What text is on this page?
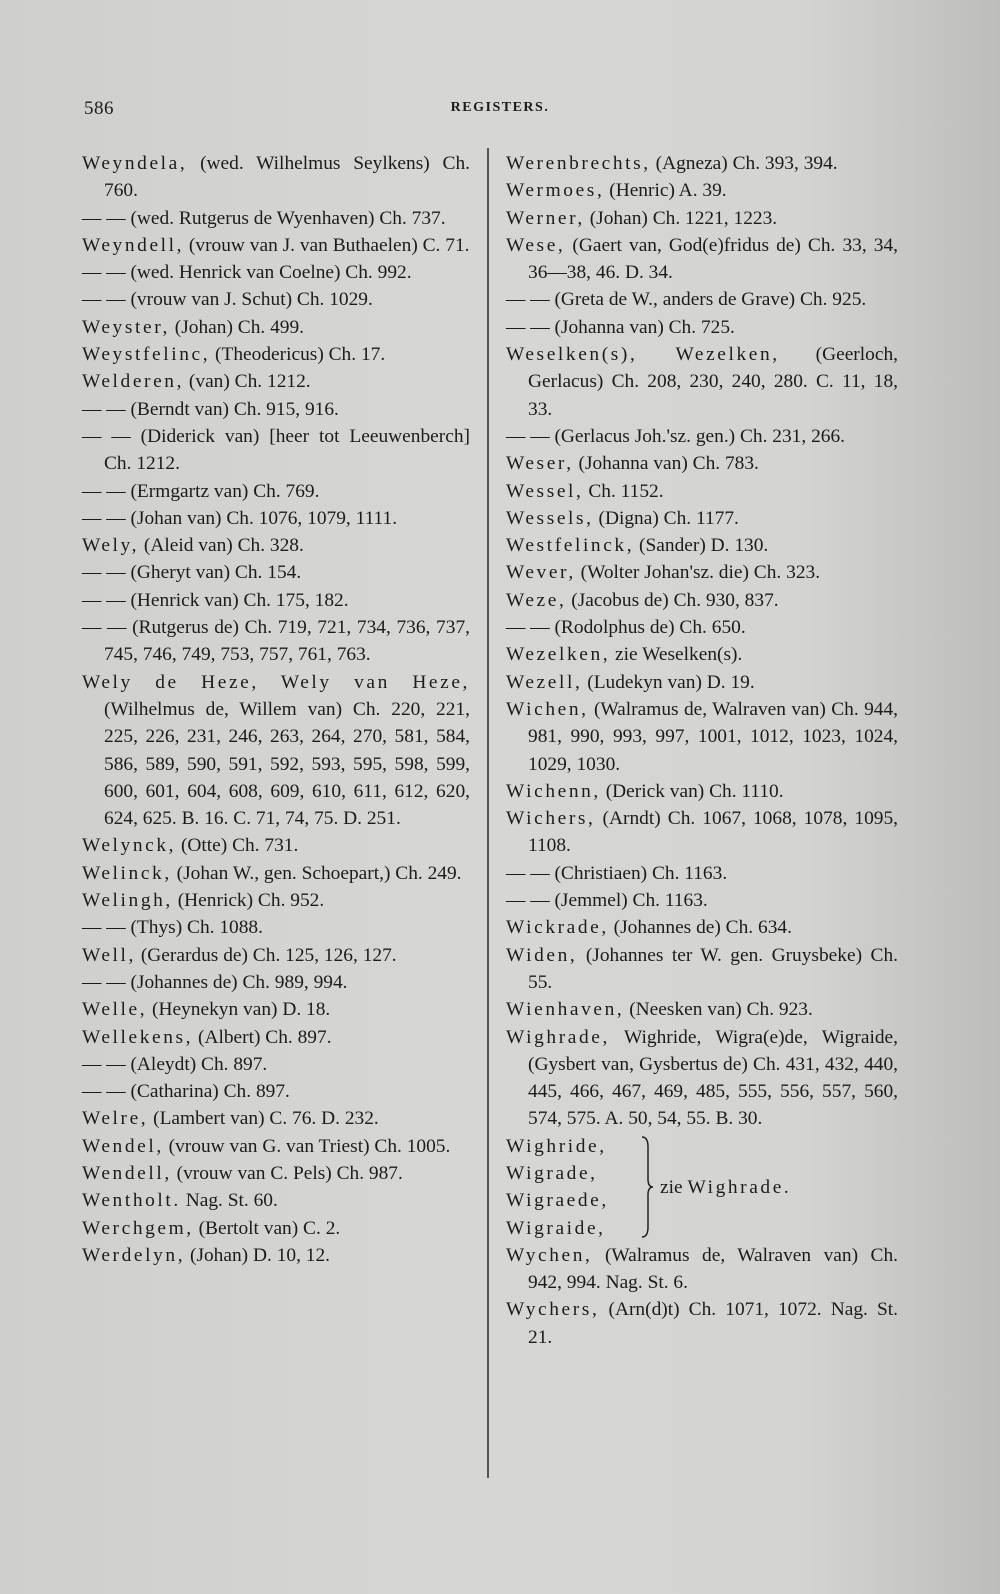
586	REGISTERS.
Weyndela, (wed. Wilhelmus Seylkens) Ch. 760.
— — (wed. Rutgerus de Wyenhaven) Ch. 737.
Weyndell, (vrouw van J. van Buthaelen) C. 71.
— — (wed. Henrick van Coelne) Ch. 992.
— — (vrouw van J. Schut) Ch. 1029.
Weyster, (Johan) Ch. 499.
Weystfelinc, (Theodericus) Ch. 17.
Welderen, (van) Ch. 1212.
— — (Berndt van) Ch. 915, 916.
— — (Diderick van) [heer tot Leeuwenberch] Ch. 1212.
— — (Ermgartz van) Ch. 769.
— — (Johan van) Ch. 1076, 1079, 1111.
Wely, (Aleid van) Ch. 328.
— — (Gheryt van) Ch. 154.
— — (Henrick van) Ch. 175, 182.
— — (Rutgerus de) Ch. 719, 721, 734, 736, 737, 745, 746, 749, 753, 757, 761, 763.
Wely de Heze, Wely van Heze, (Wilhelmus de, Willem van) Ch. 220, 221, 225, 226, 231, 246, 263, 264, 270, 581, 584, 586, 589, 590, 591, 592, 593, 595, 598, 599, 600, 601, 604, 608, 609, 610, 611, 612, 620, 624, 625. B. 16. C. 71, 74, 75. D. 251.
Welynck, (Otte) Ch. 731.
Welinck, (Johan W., gen. Schoepart,) Ch. 249.
Welingh, (Henrick) Ch. 952.
— — (Thys) Ch. 1088.
Well, (Gerardus de) Ch. 125, 126, 127.
— — (Johannes de) Ch. 989, 994.
Welle, (Heynekyn van) D. 18.
Wellekens, (Albert) Ch. 897.
— — (Aleydt) Ch. 897.
— — (Catharina) Ch. 897.
Welre, (Lambert van) C. 76. D. 232.
Wendel, (vrouw van G. van Triest) Ch. 1005.
Wendell, (vrouw van C. Pels) Ch. 987.
Wentholt. Nag. St. 60.
Werchgem, (Bertolt van) C. 2.
Werdelyn, (Johan) D. 10, 12.
Werenbrechts, (Agneza) Ch. 393, 394.
Wermoes, (Henric) A. 39.
Werner, (Johan) Ch. 1221, 1223.
Wese, (Gaert van, God(e)fridus de) Ch. 33, 34, 36—38, 46. D. 34.
— — (Greta de W., anders de Grave) Ch. 925.
— — (Johanna van) Ch. 725.
Weselken(s), Wezelken, (Geerloch, Gerlacus) Ch. 208, 230, 240, 280. C. 11, 18, 33.
— — (Gerlacus Joh.'sz. gen.) Ch. 231, 266.
Weser, (Johanna van) Ch. 783.
Wessel, Ch. 1152.
Wessels, (Digna) Ch. 1177.
Westfelinck, (Sander) D. 130.
Wever, (Wolter Johan'sz. die) Ch. 323.
Weze, (Jacobus de) Ch. 930, 837.
— — (Rodolphus de) Ch. 650.
Wezelken, zie Weselken(s).
Wezell, (Ludekyn van) D. 19.
Wichen, (Walramus de, Walraven van) Ch. 944, 981, 990, 993, 997, 1001, 1012, 1023, 1024, 1029, 1030.
Wichenn, (Derick van) Ch. 1110.
Wichers, (Arndt) Ch. 1067, 1068, 1078, 1095, 1108.
— — (Christiaen) Ch. 1163.
— — (Jemmel) Ch. 1163.
Wickrade, (Johannes de) Ch. 634.
Widen, (Johannes ter W. gen. Gruysbeke) Ch. 55.
Wienhaven, (Neesken van) Ch. 923.
Wighrade, Wighride, Wigra(e)de, Wigraide, (Gysbert van, Gysbertus de) Ch. 431, 432, 440, 445, 466, 467, 469, 485, 555, 556, 557, 560, 574, 575. A. 50, 54, 55. B. 30.
Wighride,
Wigrade,
Wigraede,
Wigraide,
zie Wighrade.
Wychen, (Walramus de, Walraven van) Ch. 942, 994. Nag. St. 6.
Wychers, (Arn(d)t) Ch. 1071, 1072. Nag. St. 21.
